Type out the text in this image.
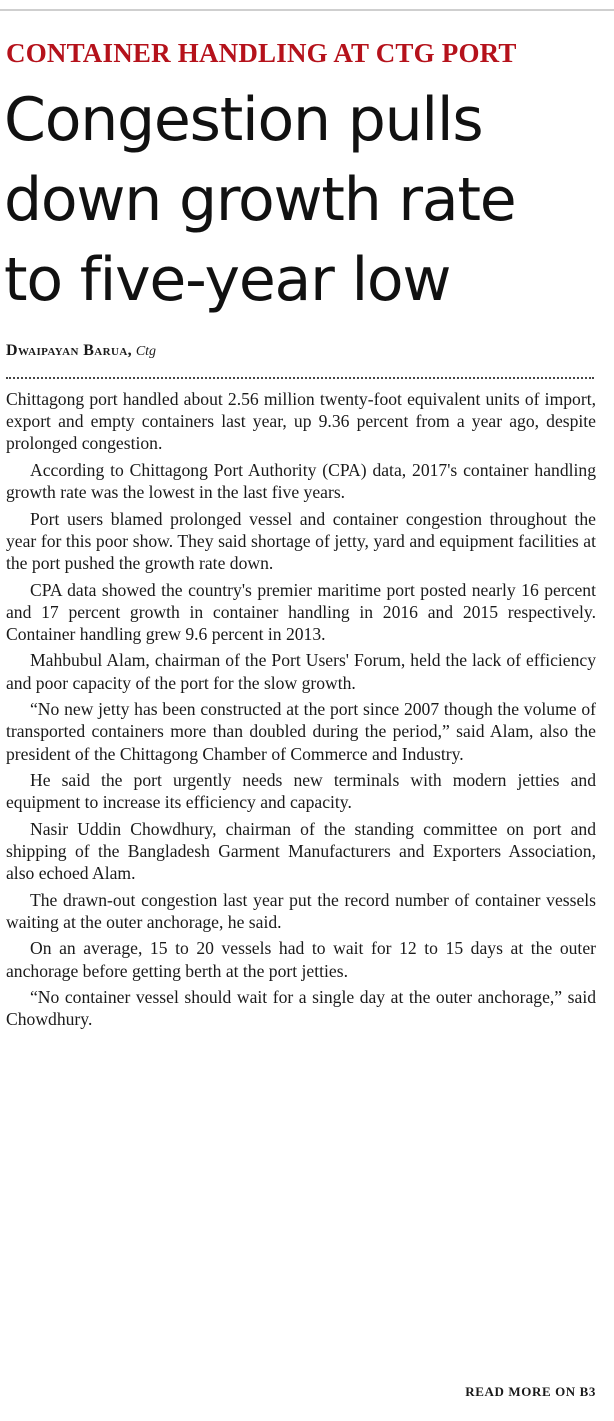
CONTAINER HANDLING AT CTG PORT
Congestion pulls
down growth rate
to five-year low
Dwaipayan Barua, Ctg

Chittagong port handled about 2.56 million twenty-foot equivalent units of import, export and empty containers last year, up 9.36 percent from a year ago, despite prolonged congestion.

According to Chittagong Port Authority (CPA) data, 2017's container handling growth rate was the lowest in the last five years.

Port users blamed prolonged vessel and container congestion throughout the year for this poor show. They said shortage of jetty, yard and equipment facilities at the port pushed the growth rate down.

CPA data showed the country's premier maritime port posted nearly 16 percent and 17 percent growth in container handling in 2016 and 2015 respectively. Container handling grew 9.6 percent in 2013.

Mahbubul Alam, chairman of the Port Users' Forum, held the lack of efficiency and poor capacity of the port for the slow growth.

“No new jetty has been constructed at the port since 2007 though the volume of transported containers more than doubled during the period,” said Alam, also the president of the Chittagong Chamber of Commerce and Industry.

He said the port urgently needs new terminals with modern jetties and equipment to increase its efficiency and capacity.

Nasir Uddin Chowdhury, chairman of the standing committee on port and shipping of the Bangladesh Garment Manufacturers and Exporters Association, also echoed Alam.

The drawn-out congestion last year put the record number of container vessels waiting at the outer anchorage, he said.

On an average, 15 to 20 vessels had to wait for 12 to 15 days at the outer anchorage before getting berth at the port jetties.

“No container vessel should wait for a single day at the outer anchorage,” said Chowdhury.

READ MORE ON B3
